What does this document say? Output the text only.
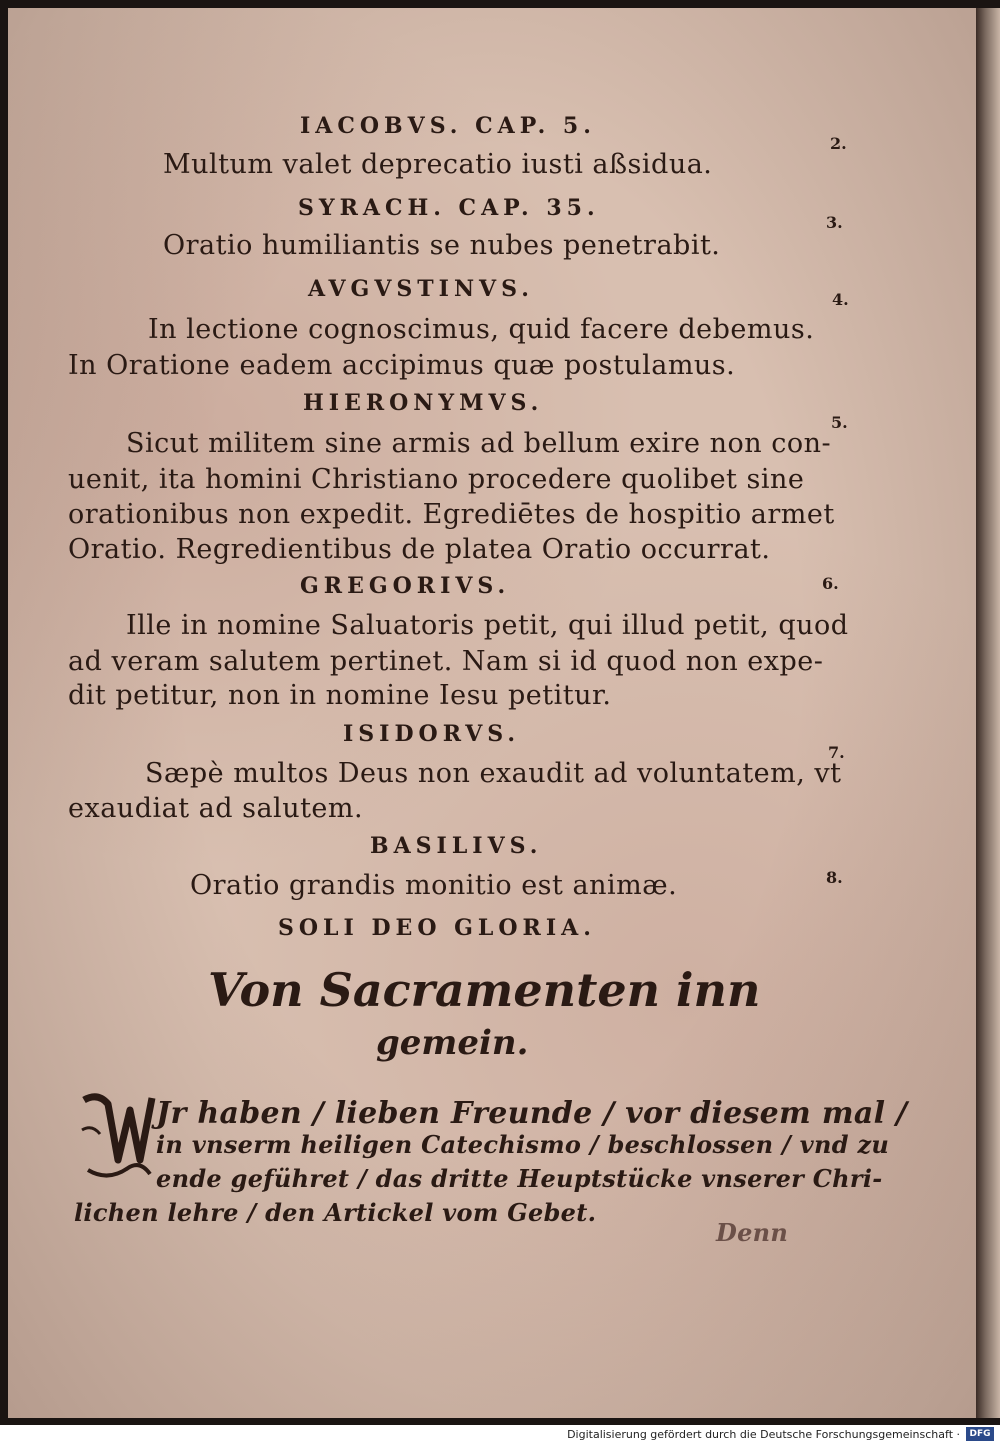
IACOBVS. CAP. 5.
Multum valet deprecatio iusti aßsidua.
SYRACH. CAP. 35.
Oratio humiliantis se nubes penetrabit.
AVGVSTINVS.
In lectione cognoscimus, quid facere debemus.
In Oratione eadem accipimus quæ postulamus.
HIERONYMVS.
Sicut militem sine armis ad bellum exire non con-
uenit, ita homini Christiano procedere quolibet sine
orationibus non expedit. Egrediētes de hospitio armet
Oratio. Regredientibus de platea Oratio occurrat.
GREGORIVS.
Ille in nomine Saluatoris petit, qui illud petit, quod
ad veram salutem pertinet. Nam si id quod non expe-
dit petitur, non in nomine Iesu petitur.
ISIDORVS.
Sæpè multos Deus non exaudit ad voluntatem, vt
exaudiat ad salutem.
BASILIVS.
Oratio grandis monitio est animæ.
SOLI DEO GLORIA.
Von Sacramenten inn
gemein.
Jr haben / lieben Freunde / vor diesem mal /
in vnserm heiligen Catechismo / beschlossen / vnd zu
ende geführet / das dritte Heuptstücke vnserer Chri-
lichen lehre / den Artickel vom Gebet.
Denn
2.
3.
4.
5.
6.
7.
8.
Digitalisierung gefördert durch die Deutsche Forschungsgemeinschaft ·	DFG
